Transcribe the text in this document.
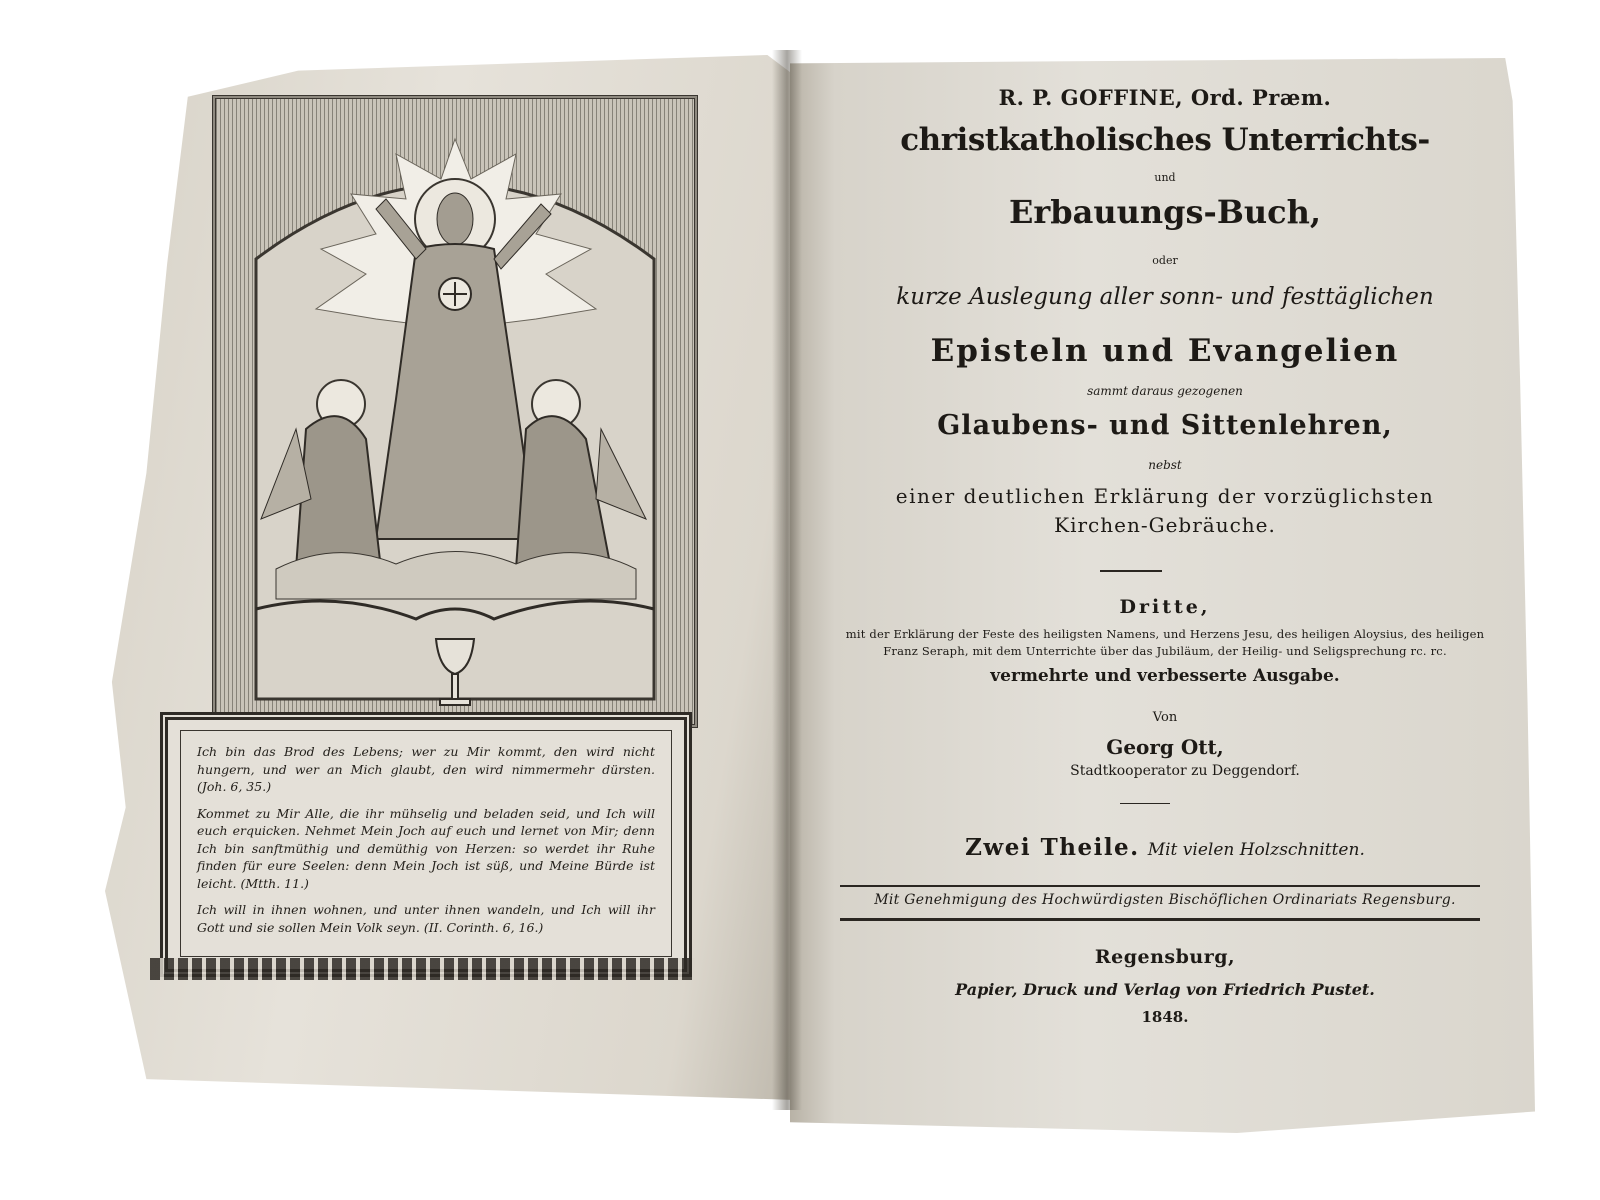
Ich bin das Brod des Lebens; wer zu Mir kommt, den wird nicht hungern, und wer an Mich glaubt, den wird nimmermehr dürsten. (Joh. 6, 35.)

Kommet zu Mir Alle, die ihr mühselig und beladen seid, und Ich will euch erquicken. Nehmet Mein Joch auf euch und lernet von Mir; denn Ich bin sanftmüthig und demüthig von Herzen: so werdet ihr Ruhe finden für eure Seelen: denn Mein Joch ist süß, und Meine Bürde ist leicht. (Mtth. 11.)

Ich will in ihnen wohnen, und unter ihnen wandeln, und Ich will ihr Gott und sie sollen Mein Volk seyn. (II. Corinth. 6, 16.)

R. P. GOFFINE, Ord. Præm.
christkatholisches Unterrichts-
und
Erbauungs-Buch,
oder
kurze Auslegung aller sonn- und festtäglichen
Episteln und Evangelien
sammt daraus gezogenen
Glaubens- und Sittenlehren,
nebst
einer deutlichen Erklärung der vorzüglichsten
Kirchen-Gebräuche.
Dritte,
mit der Erklärung der Feste des heiligsten Namens, und Herzens Jesu, des heiligen Aloysius, des heiligen Franz Seraph, mit dem Unterrichte über das Jubiläum, der Heilig- und Seligsprechung rc. rc.
vermehrte und verbesserte Ausgabe.
Von
Georg Ott,
Stadtkooperator zu Deggendorf.
Zwei Theile. Mit vielen Holzschnitten.
Mit Genehmigung des Hochwürdigsten Bischöflichen Ordinariats Regensburg.
Regensburg,
Papier, Druck und Verlag von Friedrich Pustet.
1848.
